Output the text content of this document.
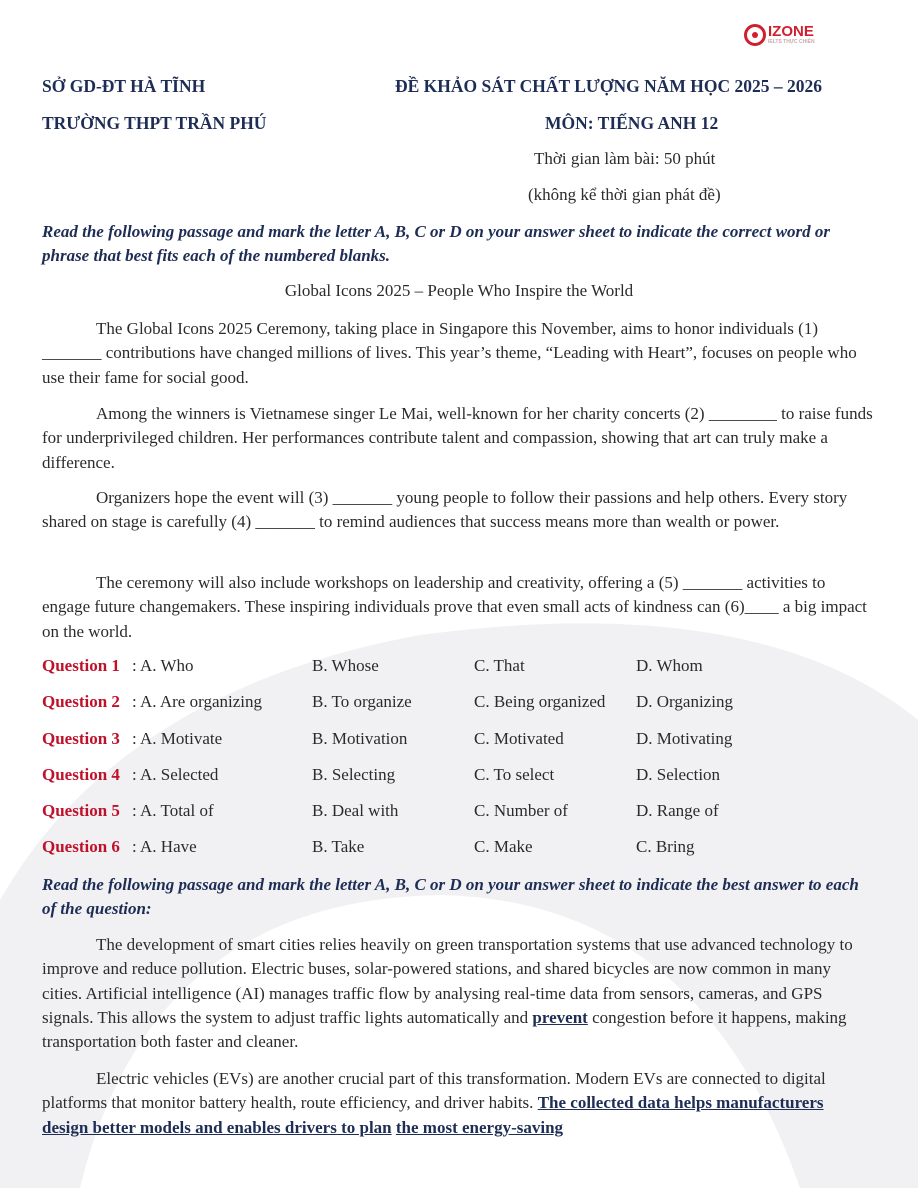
IZONE
IELTS THỰC CHIẾN
SỞ GD-ĐT HÀ TĨNH	ĐỀ KHẢO SÁT CHẤT LƯỢNG NĂM HỌC 2025 – 2026
TRƯỜNG THPT TRẦN PHÚ	MÔN: TIẾNG ANH 12
Thời gian làm bài: 50 phút
(không kể thời gian phát đề)
Read the following passage and mark the letter A, B, C or D on your answer sheet to indicate the correct word or phrase that best fits each of the numbered blanks.
Global Icons 2025 – People Who Inspire the World
The Global Icons 2025 Ceremony, taking place in Singapore this November, aims to honor individuals (1) _______ contributions have changed millions of lives. This year’s theme, “Leading with Heart”, focuses on people who use their fame for social good.
Among the winners is Vietnamese singer Le Mai, well-known for her charity concerts (2) ________ to raise funds for underprivileged children. Her performances contribute talent and compassion, showing that art can truly make a difference.
Organizers hope the event will (3) _______ young people to follow their passions and help others. Every story shared on stage is carefully (4) _______ to remind audiences that success means more than wealth or power.
The ceremony will also include workshops on leadership and creativity, offering a (5) _______ activities to engage future changemakers. These inspiring individuals prove that even small acts of kindness can (6)____ a big impact on the world.
Question 1 : A. Who	B. Whose	C. That	D. Whom
Question 2 : A. Are organizing	B. To organize	C. Being organized D. Organizing
Question 3 : A. Motivate	B. Motivation	C. Motivated	D. Motivating
Question 4 : A. Selected	B. Selecting	C. To select	D. Selection
Question 5 : A. Total of	B. Deal with	C. Number of	D. Range of
Question 6 : A. Have	B. Take	C. Make	C. Bring
Read the following passage and mark the letter A, B, C or D on your answer sheet to indicate the best answer to each of the question:
The development of smart cities relies heavily on green transportation systems that use advanced technology to improve and reduce pollution. Electric buses, solar-powered stations, and shared bicycles are now common in many cities. Artificial intelligence (AI) manages traffic flow by analysing real-time data from sensors, cameras, and GPS signals. This allows the system to adjust traffic lights automatically and prevent congestion before it happens, making transportation both faster and cleaner.
Electric vehicles (EVs) are another crucial part of this transformation. Modern EVs are connected to digital platforms that monitor battery health, route efficiency, and driver habits. The collected data helps manufacturers design better models and enables drivers to plan the most energy-saving
